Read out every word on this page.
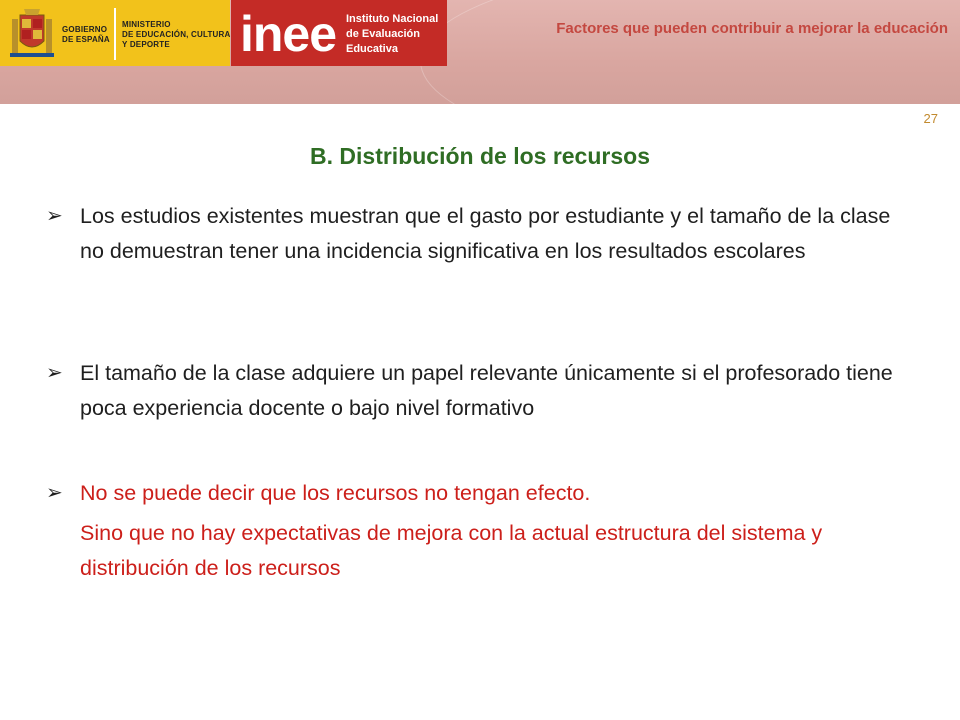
GOBIERNO
DE ESPAÑA
MINISTERIO
DE EDUCACIÓN, CULTURA
Y DEPORTE	inee Instituto Nacional
de Evaluación
Educativa
Factores que pueden contribuir a mejorar la educación
27
B. Distribución de los recursos
➢ Los estudios existentes muestran que el gasto por estudiante y el tamaño de la clase no demuestran tener una incidencia significativa en los resultados escolares
➢ El tamaño de la clase adquiere un papel relevante únicamente si el profesorado tiene poca experiencia docente o bajo nivel formativo
➢ No se puede decir que los recursos no tengan efecto.
Sino que no hay expectativas de mejora con la actual estructura del sistema y distribución de los recursos
